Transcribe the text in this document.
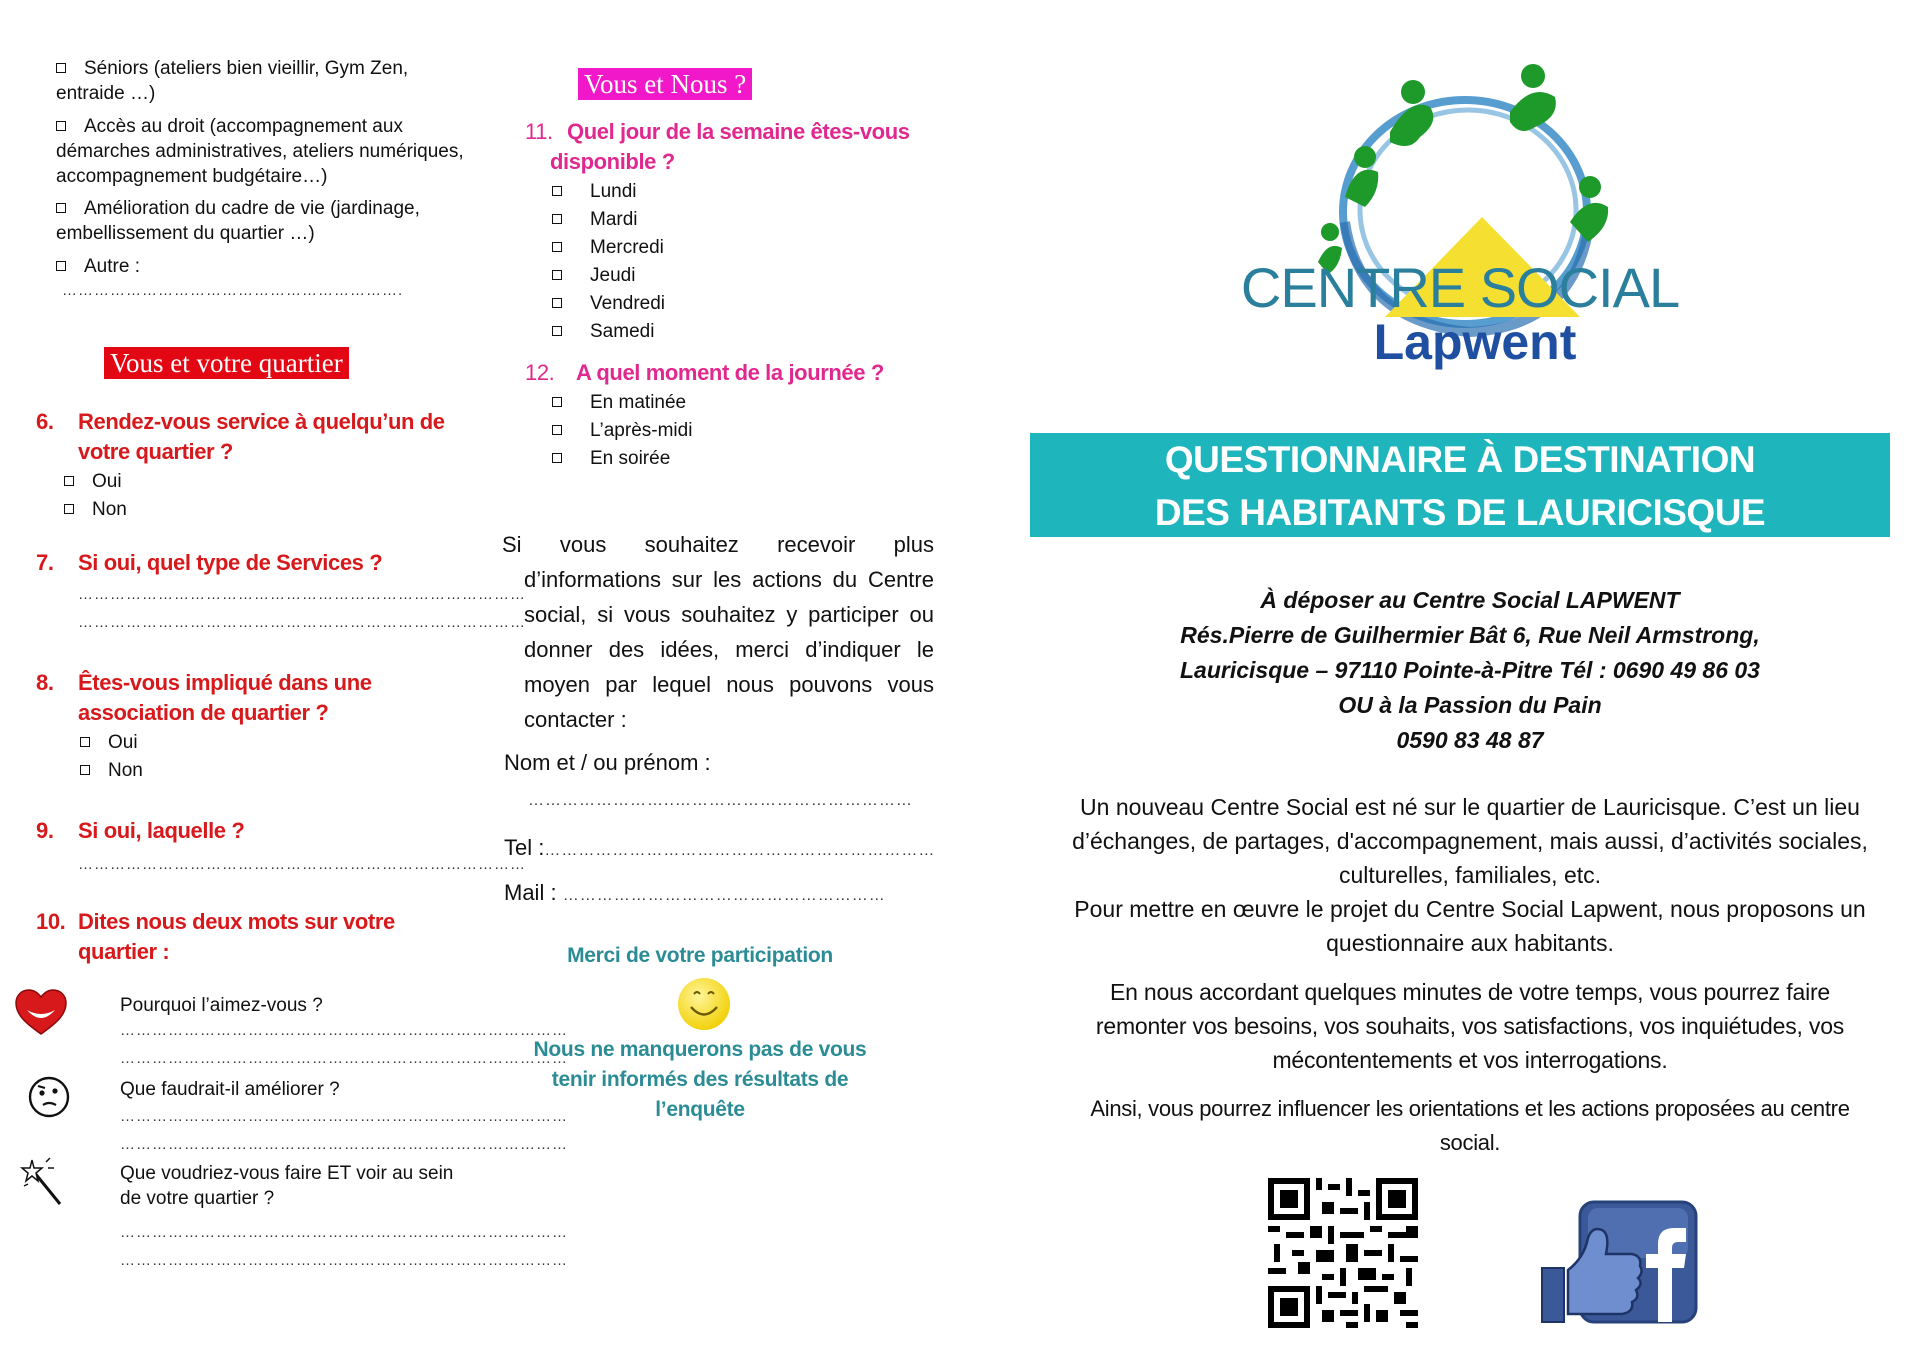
Séniors (ateliers bien vieillir, Gym Zen, entraide …)
Accès au droit (accompagnement aux démarches administratives, ateliers numériques, accompagnement budgétaire…)
Amélioration du cadre de vie (jardinage, embellissement du quartier …)
Autre :
……………………………………………………….
Vous et votre quartier
6. Rendez-vous service à quelqu’un de votre quartier ?
Oui
Non
7. Si oui, quel type de Services ?
…………………………………………………………………………
…………………………………………………………………………
8. Êtes-vous impliqué dans une association de quartier ?
Oui
Non
9. Si oui, laquelle ?
…………………………………………………………………………
10. Dites nous deux mots sur votre quartier :
Pourquoi l’aimez-vous ?
…………………………………………………………………………
…………………………………………………………………………
Que faudrait-il améliorer ?
…………………………………………………………………………
…………………………………………………………………………
Que voudriez-vous faire ET voir au sein de votre quartier ?
…………………………………………………………………………
…………………………………………………………………………
Vous et Nous ?
11. Quel jour de la semaine êtes-vous disponible ?
Lundi
Mardi
Mercredi
Jeudi
Vendredi
Samedi
12. A quel moment de la journée ?
En matinée
L’après-midi
En soirée
Si vous souhaitez recevoir plus d’informations sur les actions du Centre social, si vous souhaitez y participer ou donner des idées, merci d’indiquer le moyen par lequel nous pouvons vous contacter :
Nom et / ou prénom :
……………………..……………………………………
Tel :……………………………………………………………
Mail : …………………………………………………
Merci de votre participation
Nous ne manquerons pas de vous tenir informés des résultats de l’enquête
CENTRE SOCIAL
Lapwent
QUESTIONNAIRE À DESTINATION
DES HABITANTS DE LAURICISQUE
À déposer au Centre Social LAPWENT
Rés.Pierre de Guilhermier Bât 6, Rue Neil Armstrong,
Lauricisque – 97110 Pointe-à-Pitre Tél : 0690 49 86 03
OU à la Passion du Pain
0590 83 48 87
Un nouveau Centre Social est né sur le quartier de Lauricisque. C’est un lieu d’échanges, de partages, d'accompagnement, mais aussi, d’activités sociales, culturelles, familiales, etc.
Pour mettre en œuvre le projet du Centre Social Lapwent, nous proposons un questionnaire aux habitants.
En nous accordant quelques minutes de votre temps, vous pourrez faire remonter vos besoins, vos souhaits, vos satisfactions, vos inquiétudes, vos mécontentements et vos interrogations.
Ainsi, vous pourrez influencer les orientations et les actions proposées au centre social.
